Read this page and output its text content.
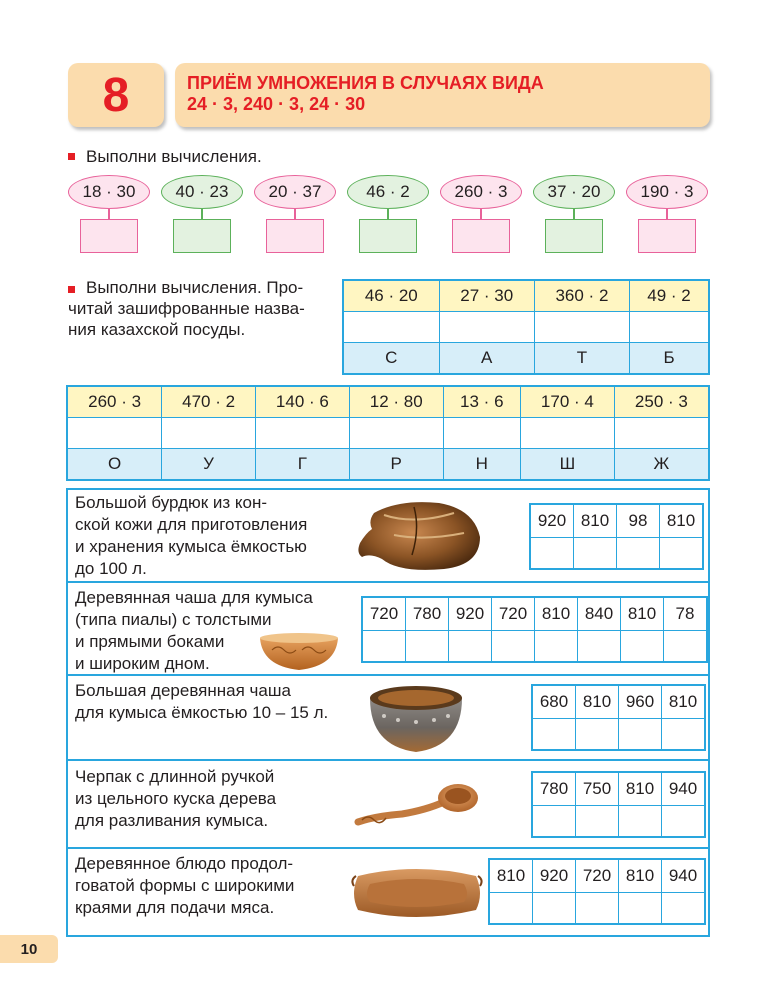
8	ПРИЁМ УМНОЖЕНИЯ В СЛУЧАЯХ ВИДА
24 · 3, 240 · 3, 24 · 30
Выполни вычисления.
18 · 30	40 · 23	20 · 37	46 · 2	260 · 3	37 · 20	190 · 3
Выполни вычисления. Про-
читай зашифрованные назва-
ния казахской посуды.
46 · 20	27 · 30	360 · 2	49 · 2

С	А	Т	Б
260 · 3	470 · 2	140 · 6	12 · 80	13 · 6	170 · 4	250 · 3

О	У	Г	Р	Н	Ш	Ж
Большой бурдюк из кон-
ской кожи для приготовления
и хранения кумыса ёмкостью
до 100 л.
920	810	98	810

Деревянная чаша для кумыса
(типа пиалы) с толстыми
и прямыми боками
и широким дном.
720	780	920	720	810	840	810	78

Большая деревянная чаша
для кумыса ёмкостью 10 – 15 л.
680	810	960	810

Черпак с длинной ручкой
из цельного куска дерева
для разливания кумыса.
780	750	810	940

Деревянное блюдо продол-
говатой формы с широкими
краями для подачи мяса.
810	920	720	810	940

10
